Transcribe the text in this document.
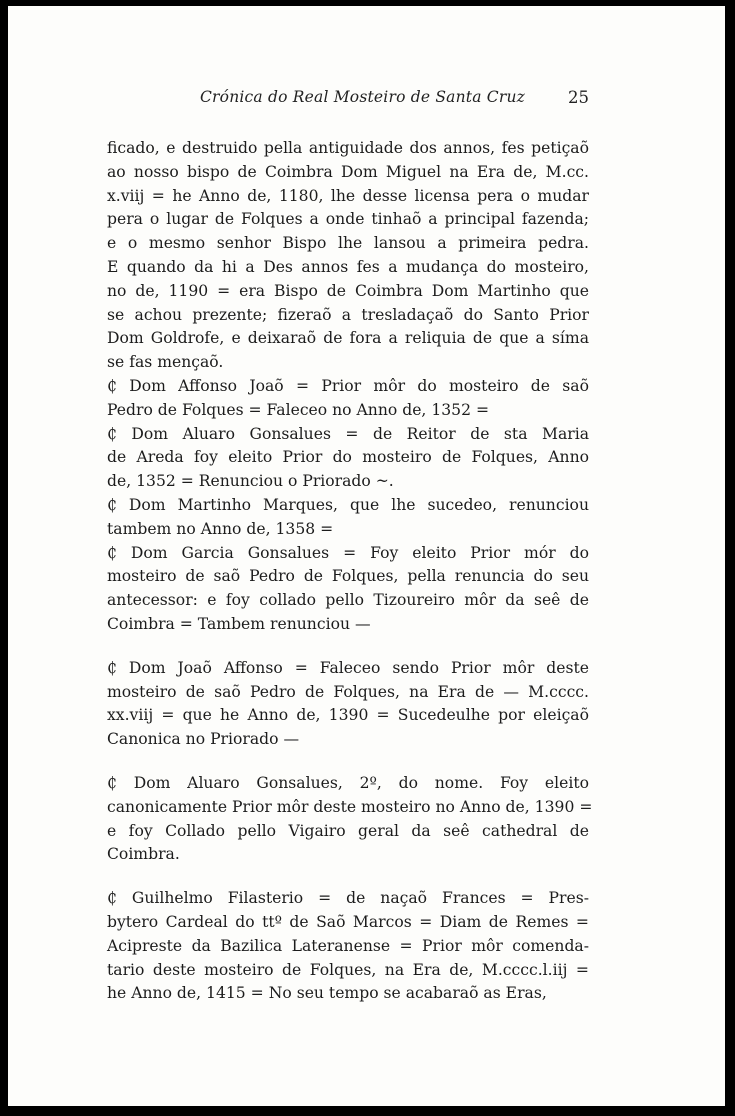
Crónica do Real Mosteiro de Santa Cruz	25
ficado, e destruido pella antiguidade dos annos, fes petiçaõ
ao nosso bispo de Coimbra Dom Miguel na Era de, M.cc.
x.viij = he Anno de, 1180, lhe desse licensa pera o mudar
pera o lugar de Folques a onde tinhaõ a principal fazenda;
e o mesmo senhor Bispo lhe lansou a primeira pedra.
E quando da hi a Des annos fes a mudança do mosteiro,
no de, 1190 = era Bispo de Coimbra Dom Martinho que
se achou prezente; fizeraõ a tresladaçaõ do Santo Prior
Dom Goldrofe, e deixaraõ de fora a reliquia de que a síma
se fas mençaõ.
₵ Dom Affonso Joaõ = Prior môr do mosteiro de saõ
Pedro de Folques = Faleceo no Anno de, 1352 =
₵ Dom Aluaro Gonsalues = de Reitor de sta Maria
de Areda foy eleito Prior do mosteiro de Folques, Anno
de, 1352 = Renunciou o Priorado ~.
₵ Dom Martinho Marques, que lhe sucedeo, renunciou
tambem no Anno de, 1358 =
₵ Dom Garcia Gonsalues = Foy eleito Prior mór do
mosteiro de saõ Pedro de Folques, pella renuncia do seu
antecessor: e foy collado pello Tizoureiro môr da seê de
Coimbra = Tambem renunciou —
₵ Dom Joaõ Affonso = Faleceo sendo Prior môr deste
mosteiro de saõ Pedro de Folques, na Era de — M.cccc.
xx.viij = que he Anno de, 1390 = Sucedeulhe por eleiçaõ
Canonica no Priorado —
₵ Dom Aluaro Gonsalues, 2º, do nome. Foy eleito
canonicamente Prior môr deste mosteiro no Anno de, 1390 =
e foy Collado pello Vigairo geral da seê cathedral de
Coimbra.
₵ Guilhelmo Filasterio = de naçaõ Frances = Pres-
bytero Cardeal do ttº de Saõ Marcos = Diam de Remes =
Acipreste da Bazilica Lateranense = Prior môr comenda-
tario deste mosteiro de Folques, na Era de, M.cccc.l.iij =
he Anno de, 1415 = No seu tempo se acabaraõ as Eras,
